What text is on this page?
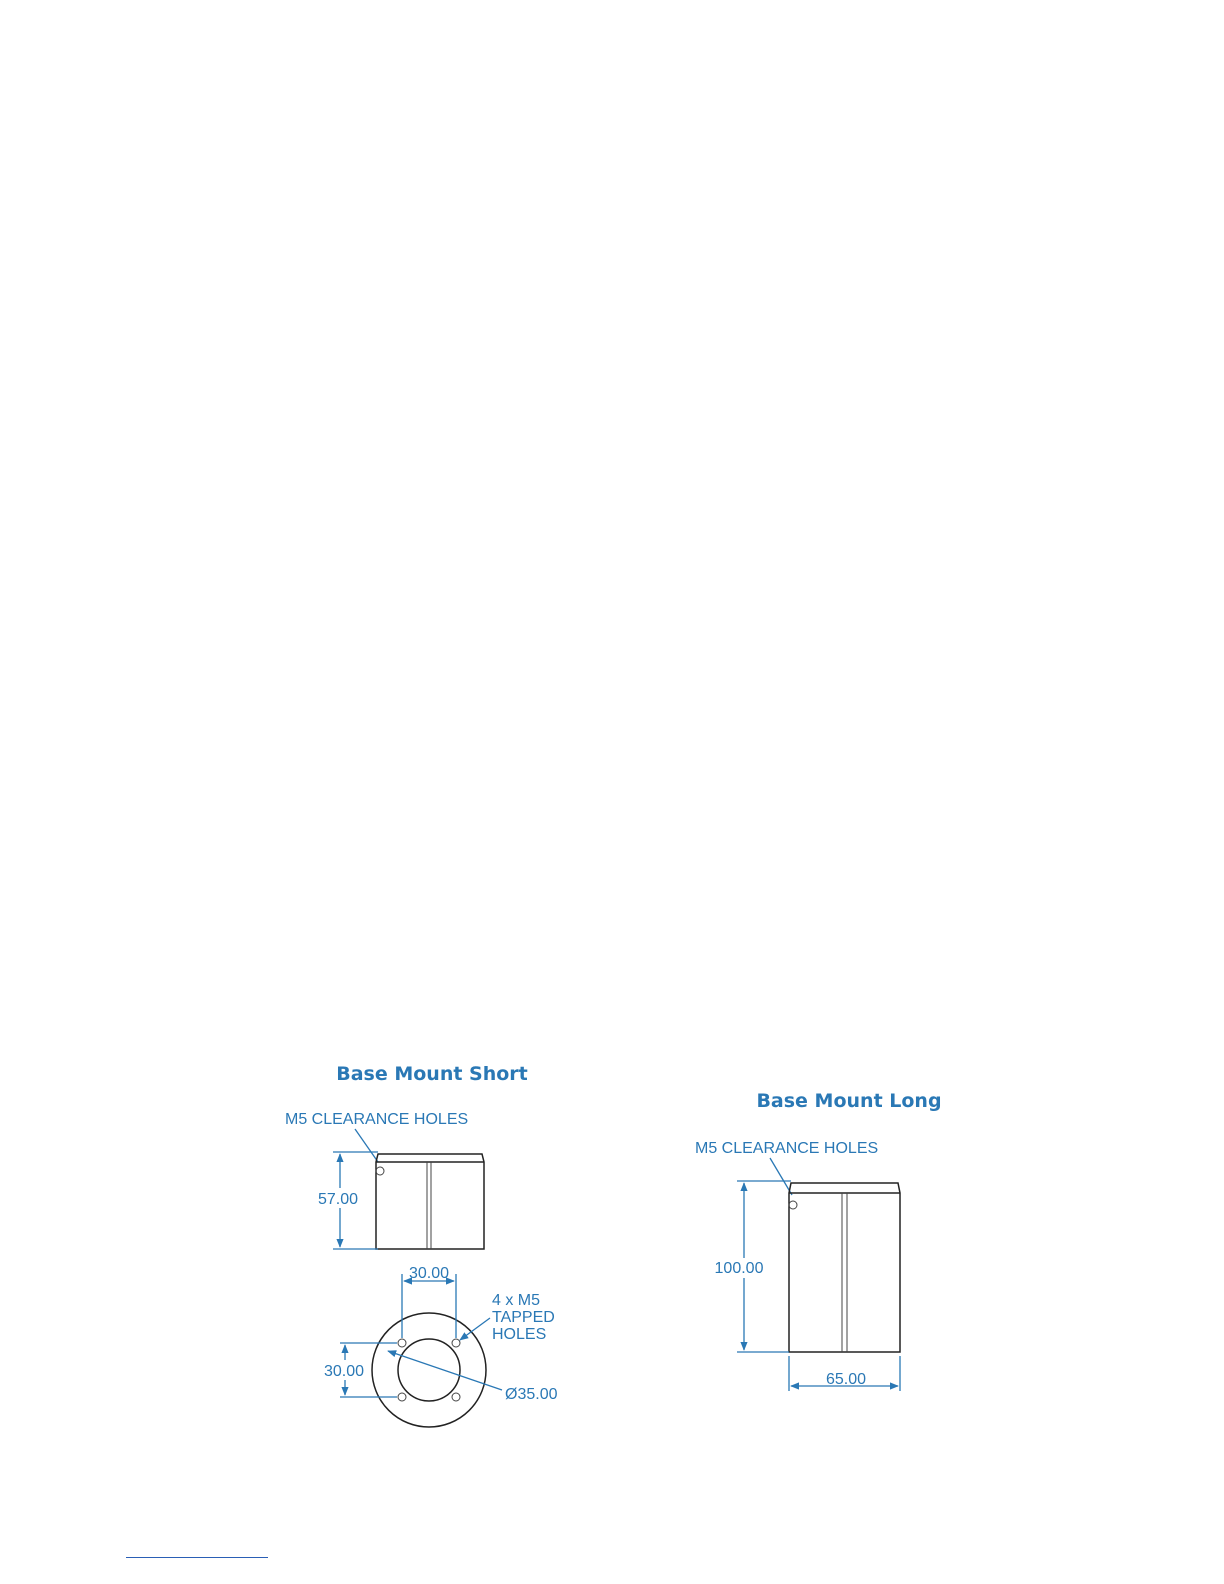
Base Mount Short
M5 CLEARANCE HOLES
57.00
30.00
30.00
4 x M5
TAPPED
HOLES
Ø35.00
Base Mount Long
M5 CLEARANCE HOLES
100.00
65.00
